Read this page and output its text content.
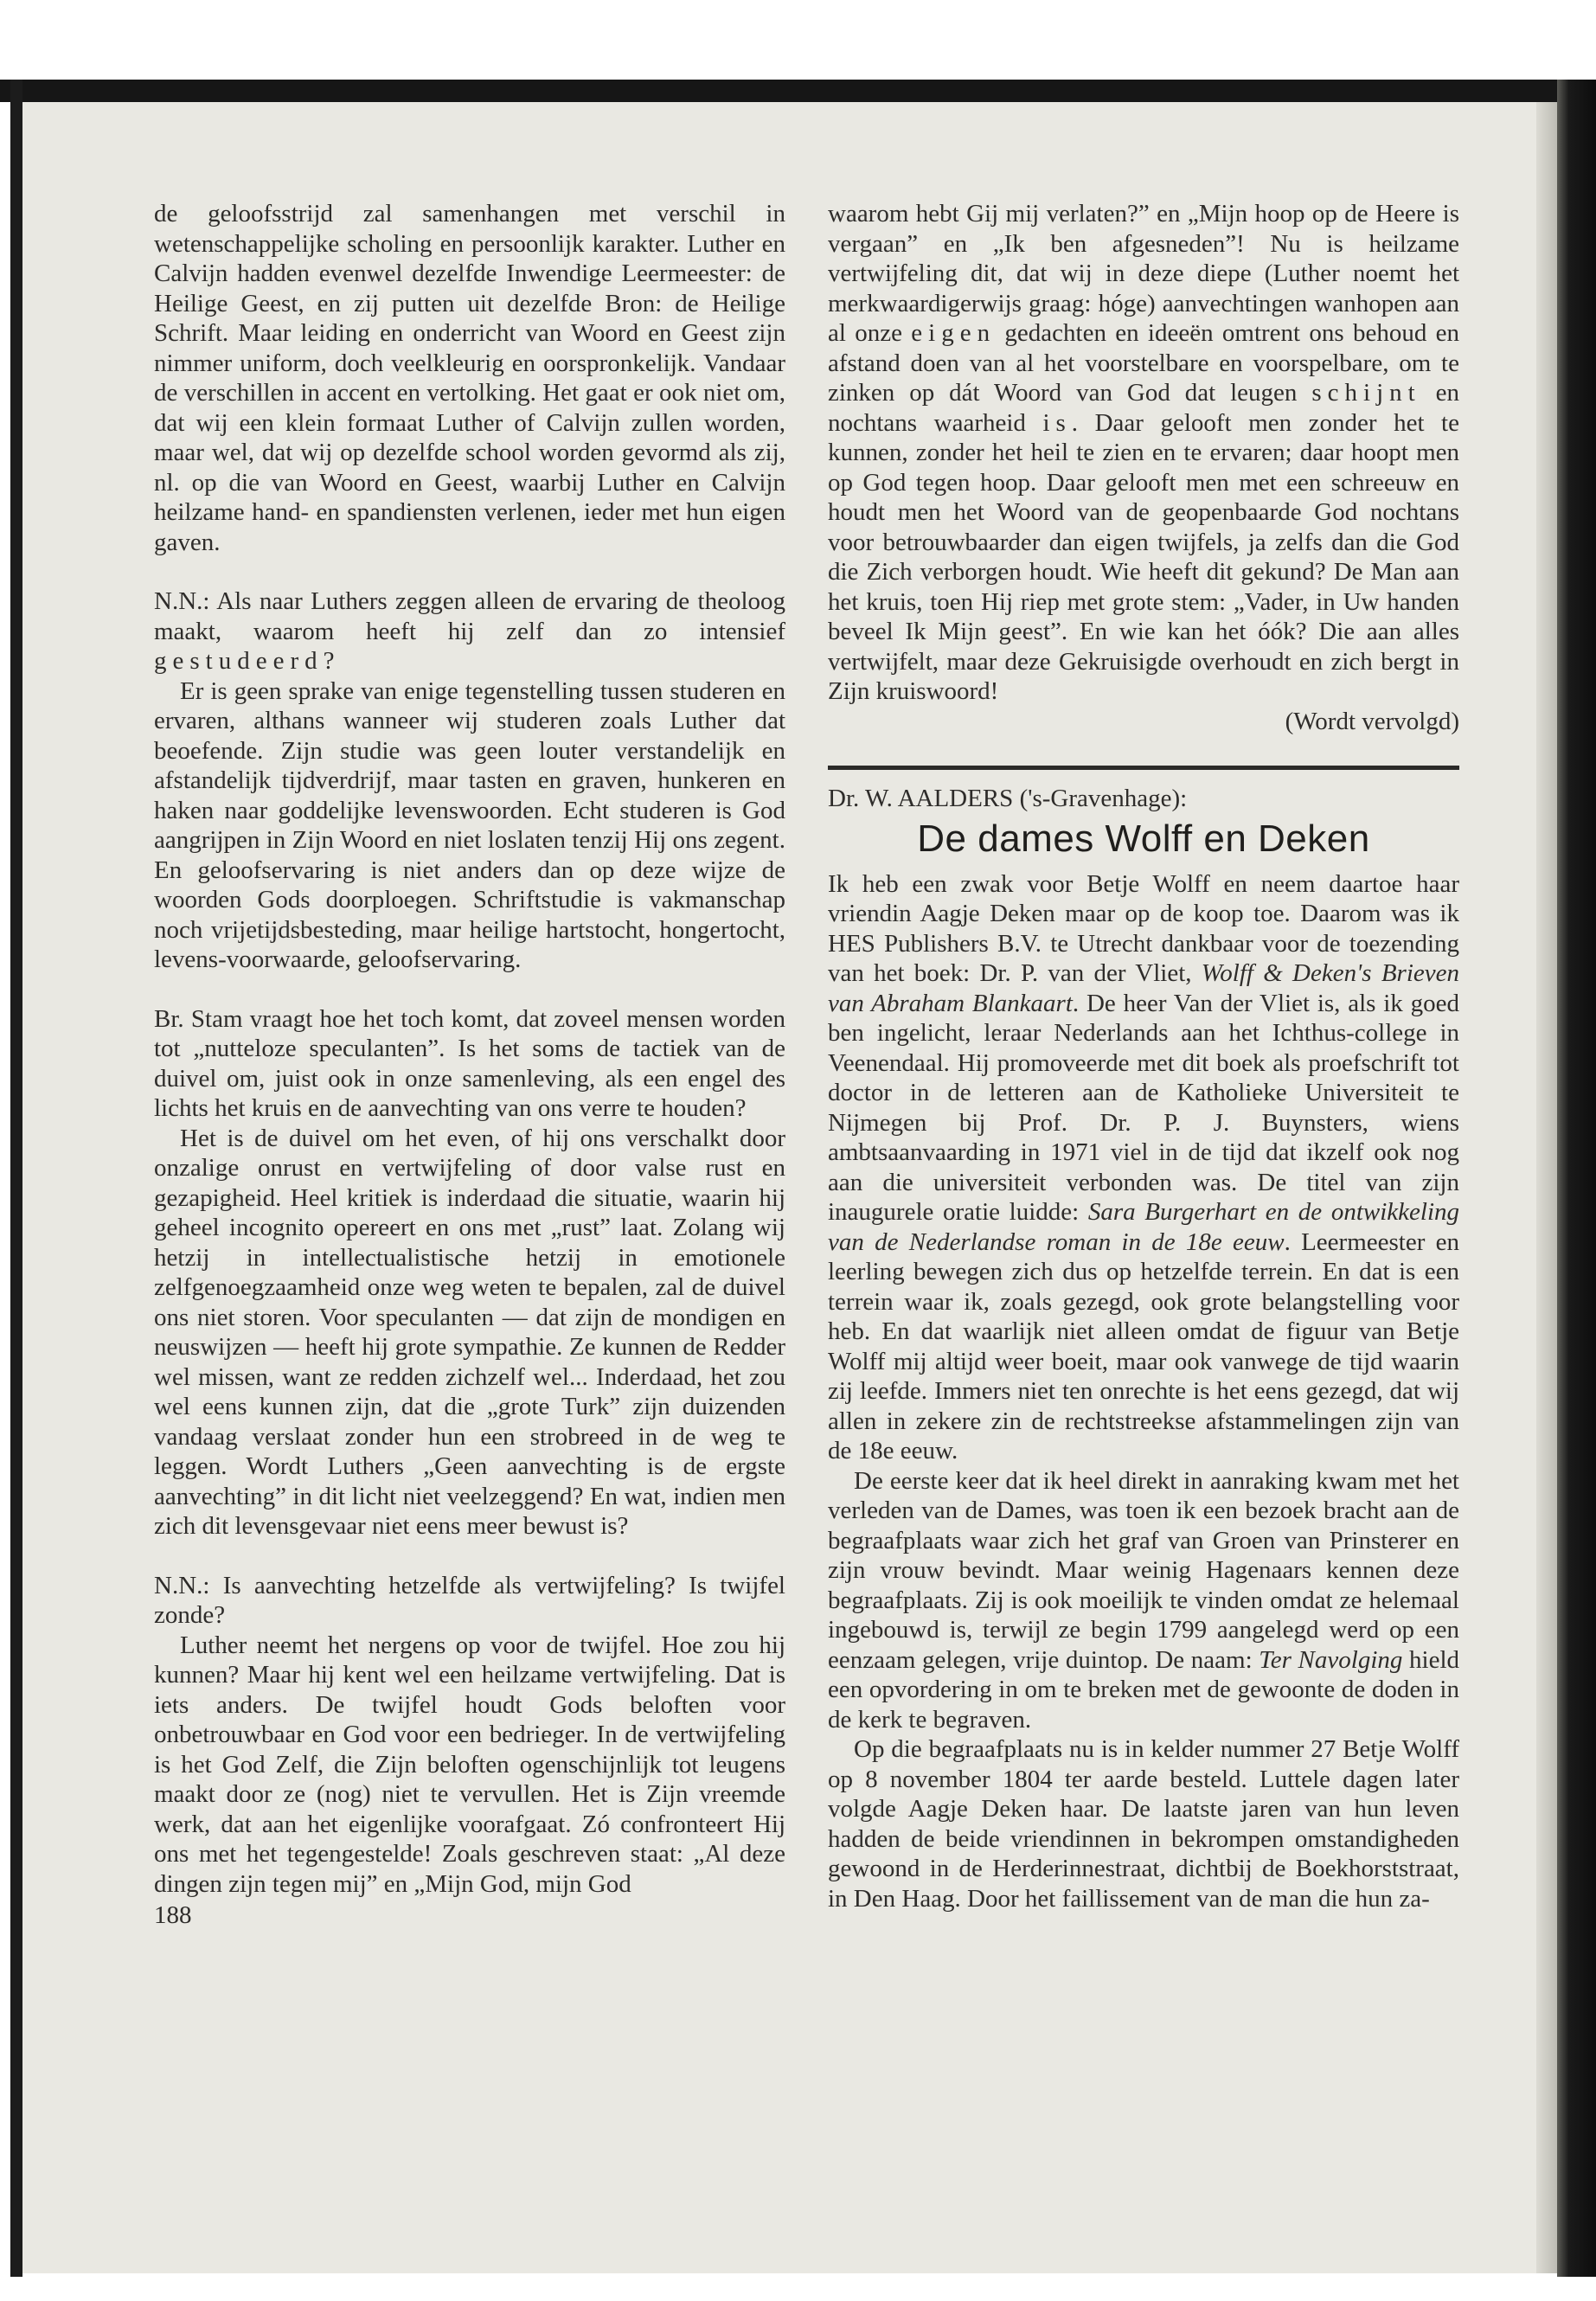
de geloofsstrijd zal samenhangen met verschil in wetenschappelijke scholing en persoonlijk karakter. Luther en Calvijn hadden evenwel dezelfde Inwendige Leermeester: de Heilige Geest, en zij putten uit dezelfde Bron: de Heilige Schrift. Maar leiding en onderricht van Woord en Geest zijn nimmer uniform, doch veelkleurig en oorspronkelijk. Vandaar de verschillen in accent en vertolking. Het gaat er ook niet om, dat wij een klein formaat Luther of Calvijn zullen worden, maar wel, dat wij op dezelfde school worden gevormd als zij, nl. op die van Woord en Geest, waarbij Luther en Calvijn heilzame hand- en spandiensten verlenen, ieder met hun eigen gaven.

N.N.: Als naar Luthers zeggen alleen de ervaring de theoloog maakt, waarom heeft hij zelf dan zo intensief gestudeerd?

Er is geen sprake van enige tegenstelling tussen studeren en ervaren, althans wanneer wij studeren zoals Luther dat beoefende. Zijn studie was geen louter verstandelijk en afstandelijk tijdverdrijf, maar tasten en graven, hunkeren en haken naar goddelijke levenswoorden. Echt studeren is God aangrijpen in Zijn Woord en niet loslaten tenzij Hij ons zegent. En geloofservaring is niet anders dan op deze wijze de woorden Gods doorploegen. Schriftstudie is vakmanschap noch vrijetijdsbesteding, maar heilige hartstocht, hongertocht, levens-voorwaarde, geloofservaring.

Br. Stam vraagt hoe het toch komt, dat zoveel mensen worden tot „nutteloze speculanten”. Is het soms de tactiek van de duivel om, juist ook in onze samenleving, als een engel des lichts het kruis en de aanvechting van ons verre te houden?

Het is de duivel om het even, of hij ons verschalkt door onzalige onrust en vertwijfeling of door valse rust en gezapigheid. Heel kritiek is inderdaad die situatie, waarin hij geheel incognito opereert en ons met „rust” laat. Zolang wij hetzij in intellectualistische hetzij in emotionele zelfgenoegzaamheid onze weg weten te bepalen, zal de duivel ons niet storen. Voor speculanten — dat zijn de mondigen en neuswijzen — heeft hij grote sympathie. Ze kunnen de Redder wel missen, want ze redden zichzelf wel... Inderdaad, het zou wel eens kunnen zijn, dat die „grote Turk” zijn duizenden vandaag verslaat zonder hun een strobreed in de weg te leggen. Wordt Luthers „Geen aanvechting is de ergste aanvechting” in dit licht niet veelzeggend? En wat, indien men zich dit levensgevaar niet eens meer bewust is?

N.N.: Is aanvechting hetzelfde als vertwijfeling? Is twijfel zonde?

Luther neemt het nergens op voor de twijfel. Hoe zou hij kunnen? Maar hij kent wel een heilzame vertwijfeling. Dat is iets anders. De twijfel houdt Gods beloften voor onbetrouwbaar en God voor een bedrieger. In de vertwijfeling is het God Zelf, die Zijn beloften ogenschijnlijk tot leugens maakt door ze (nog) niet te vervullen. Het is Zijn vreemde werk, dat aan het eigenlijke voorafgaat. Zó confronteert Hij ons met het tegengestelde! Zoals geschreven staat: „Al deze dingen zijn tegen mij” en „Mijn God, mijn God

188

waarom hebt Gij mij verlaten?” en „Mijn hoop op de Heere is vergaan” en „Ik ben afgesneden”! Nu is heilzame vertwijfeling dit, dat wij in deze diepe (Luther noemt het merkwaardigerwijs graag: hóge) aanvechtingen wanhopen aan al onze eigen gedachten en ideeën omtrent ons behoud en afstand doen van al het voorstelbare en voorspelbare, om te zinken op dát Woord van God dat leugen schijnt en nochtans waarheid is. Daar gelooft men zonder het te kunnen, zonder het heil te zien en te ervaren; daar hoopt men op God tegen hoop. Daar gelooft men met een schreeuw en houdt men het Woord van de geopenbaarde God nochtans voor betrouwbaarder dan eigen twijfels, ja zelfs dan die God die Zich verborgen houdt. Wie heeft dit gekund? De Man aan het kruis, toen Hij riep met grote stem: „Vader, in Uw handen beveel Ik Mijn geest”. En wie kan het óók? Die aan alles vertwijfelt, maar deze Gekruisigde overhoudt en zich bergt in Zijn kruiswoord!

(Wordt vervolgd)

Dr. W. AALDERS ('s-Gravenhage):

De dames Wolff en Deken

Ik heb een zwak voor Betje Wolff en neem daartoe haar vriendin Aagje Deken maar op de koop toe. Daarom was ik HES Publishers B.V. te Utrecht dankbaar voor de toezending van het boek: Dr. P. van der Vliet, Wolff & Deken's Brieven van Abraham Blankaart. De heer Van der Vliet is, als ik goed ben ingelicht, leraar Nederlands aan het Ichthus-college in Veenendaal. Hij promoveerde met dit boek als proefschrift tot doctor in de letteren aan de Katholieke Universiteit te Nijmegen bij Prof. Dr. P. J. Buynsters, wiens ambtsaanvaarding in 1971 viel in de tijd dat ikzelf ook nog aan die universiteit verbonden was. De titel van zijn inaugurele oratie luidde: Sara Burgerhart en de ontwikkeling van de Nederlandse roman in de 18e eeuw. Leermeester en leerling bewegen zich dus op hetzelfde terrein. En dat is een terrein waar ik, zoals gezegd, ook grote belangstelling voor heb. En dat waarlijk niet alleen omdat de figuur van Betje Wolff mij altijd weer boeit, maar ook vanwege de tijd waarin zij leefde. Immers niet ten onrechte is het eens gezegd, dat wij allen in zekere zin de rechtstreekse afstammelingen zijn van de 18e eeuw.

De eerste keer dat ik heel direkt in aanraking kwam met het verleden van de Dames, was toen ik een bezoek bracht aan de begraafplaats waar zich het graf van Groen van Prinsterer en zijn vrouw bevindt. Maar weinig Hagenaars kennen deze begraafplaats. Zij is ook moeilijk te vinden omdat ze helemaal ingebouwd is, terwijl ze begin 1799 aangelegd werd op een eenzaam gelegen, vrije duintop. De naam: Ter Navolging hield een opvordering in om te breken met de gewoonte de doden in de kerk te begraven.

Op die begraafplaats nu is in kelder nummer 27 Betje Wolff op 8 november 1804 ter aarde besteld. Luttele dagen later volgde Aagje Deken haar. De laatste jaren van hun leven hadden de beide vriendinnen in bekrompen omstandigheden gewoond in de Herderinnestraat, dichtbij de Boekhorststraat, in Den Haag. Door het faillissement van de man die hun za-
